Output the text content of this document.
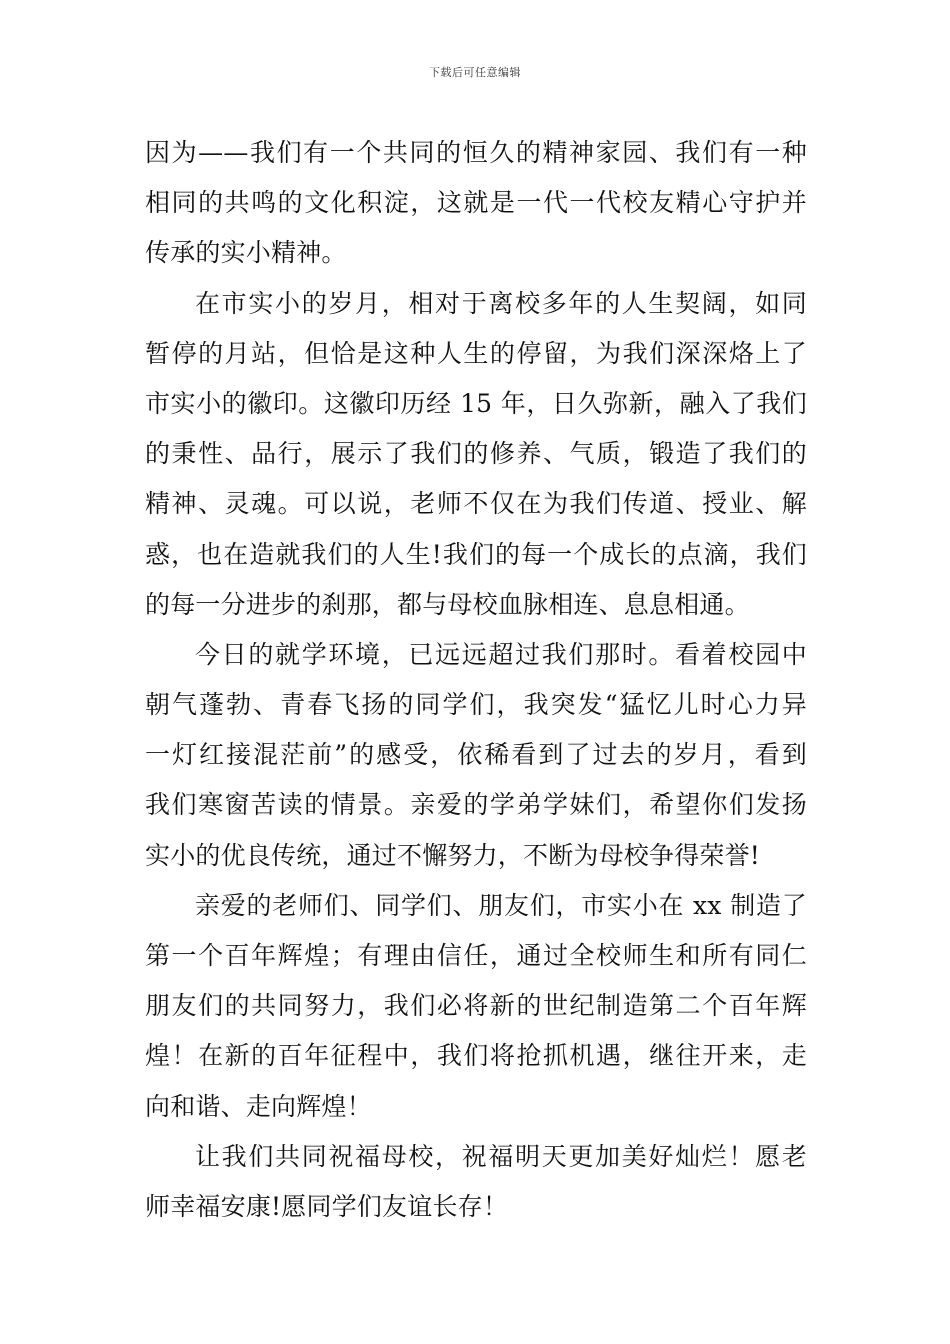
下载后可任意编辑
因为——我们有一个共同的恒久的精神家园、我们有一种
相同的共鸣的文化积淀，这就是一代一代校友精心守护并
传承的实小精神。
在市实小的岁月，相对于离校多年的人生契阔，如同
暂停的月站，但恰是这种人生的停留，为我们深深烙上了
市实小的徽印。这徽印历经 15 年，日久弥新，融入了我们
的秉性、品行，展示了我们的修养、气质，锻造了我们的
精神、灵魂。可以说，老师不仅在为我们传道、授业、解
惑，也在造就我们的人生!我们的每一个成长的点滴，我们
的每一分进步的刹那，都与母校血脉相连、息息相通。
今日的就学环境，已远远超过我们那时。看着校园中
朝气蓬勃、青春飞扬的同学们，我突发“猛忆儿时心力异
一灯红接混茫前”的感受，依稀看到了过去的岁月，看到
我们寒窗苦读的情景。亲爱的学弟学妹们，希望你们发扬
实小的优良传统，通过不懈努力，不断为母校争得荣誉!
亲爱的老师们、同学们、朋友们，市实小在 xx 制造了
第一个百年辉煌；有理由信任，通过全校师生和所有同仁
朋友们的共同努力，我们必将新的世纪制造第二个百年辉
煌！在新的百年征程中，我们将抢抓机遇，继往开来，走
向和谐、走向辉煌！
让我们共同祝福母校，祝福明天更加美好灿烂！愿老
师幸福安康!愿同学们友谊长存！
